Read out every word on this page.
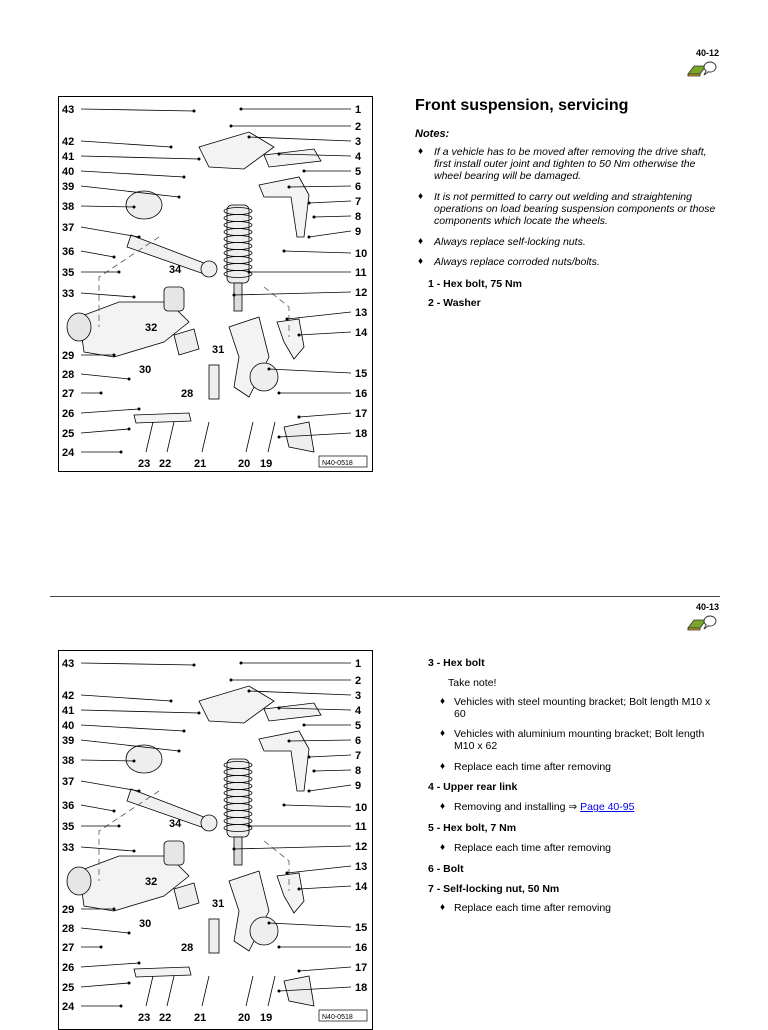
40-12
43
42
41
40
39
38
37
36
35
33
29
28
27
26
25
24
1
2
3
4
5
6
7
8
9
10
11
12
13
14
15
16
17
18
23 22 21	20 19
34
32
31
30
28
N40-0518
Front suspension, servicing
Notes:
♦ If a vehicle has to be moved after removing the drive shaft, first install outer joint and tighten to 50 Nm otherwise the wheel bearing will be damaged.
♦ It is not permitted to carry out welding and straightening operations on load bearing suspension components or those components which locate the wheels.
♦ Always replace self-locking nuts.
♦ Always replace corroded nuts/bolts.
1 - Hex bolt, 75 Nm
2 - Washer
40-13
43
42
41
40
39
38
37
36
35
33
29
28
27
26
25
24
1
2
3
4
5
6
7
8
9
10
11
12
13
14
15
16
17
18
23 22 21	20 19
34
32
31
30
28
N40-0518
3 - Hex bolt
Take note!
♦ Vehicles with steel mounting bracket; Bolt length M10 x 60
♦ Vehicles with aluminium mounting bracket; Bolt length M10 x 62
♦ Replace each time after removing
4 - Upper rear link
♦ Removing and installing ⇒ Page 40-95
5 - Hex bolt, 7 Nm
♦ Replace each time after removing
6 - Bolt
7 - Self-locking nut, 50 Nm
♦ Replace each time after removing
